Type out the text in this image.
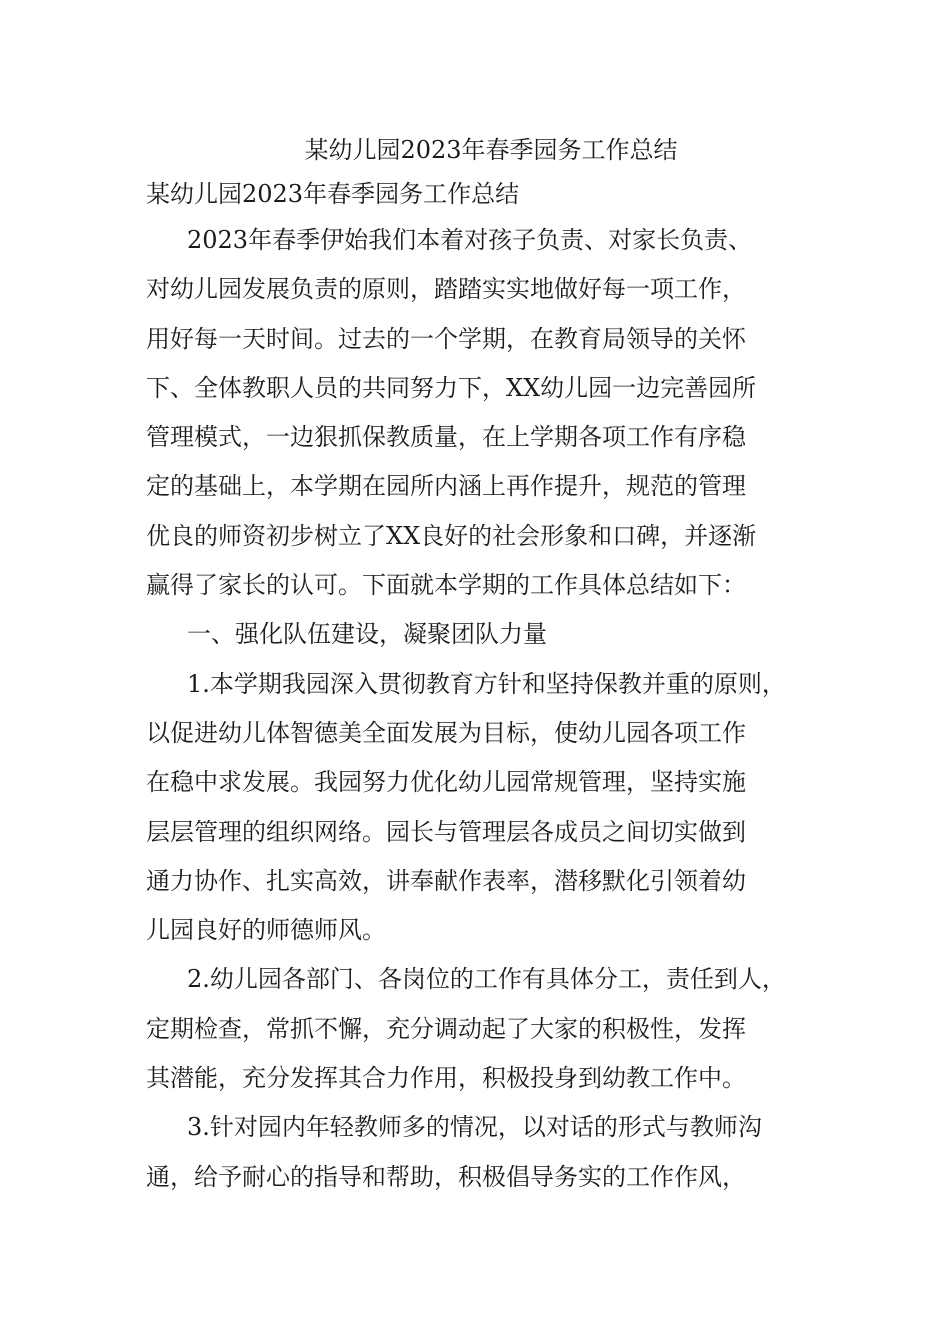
某幼儿园2023年春季园务工作总结
某幼儿园2023年春季园务工作总结

2023年春季伊始我们本着对孩子负责、对家长负责、
对幼儿园发展负责的原则，踏踏实实地做好每一项工作，
用好每一天时间。过去的一个学期，在教育局领导的关怀
下、全体教职人员的共同努力下，XX幼儿园一边完善园所
管理模式，一边狠抓保教质量，在上学期各项工作有序稳
定的基础上，本学期在园所内涵上再作提升，规范的管理
优良的师资初步树立了XX良好的社会形象和口碑，并逐渐
赢得了家长的认可。下面就本学期的工作具体总结如下：

一、强化队伍建设，凝聚团队力量

1.本学期我园深入贯彻教育方针和坚持保教并重的原则，
以促进幼儿体智德美全面发展为目标，使幼儿园各项工作
在稳中求发展。我园努力优化幼儿园常规管理，坚持实施
层层管理的组织网络。园长与管理层各成员之间切实做到
通力协作、扎实高效，讲奉献作表率，潜移默化引领着幼
儿园良好的师德师风。

2.幼儿园各部门、各岗位的工作有具体分工，责任到人，
定期检查，常抓不懈，充分调动起了大家的积极性，发挥
其潜能，充分发挥其合力作用，积极投身到幼教工作中。

3.针对园内年轻教师多的情况，以对话的形式与教师沟
通，给予耐心的指导和帮助，积极倡导务实的工作作风，
